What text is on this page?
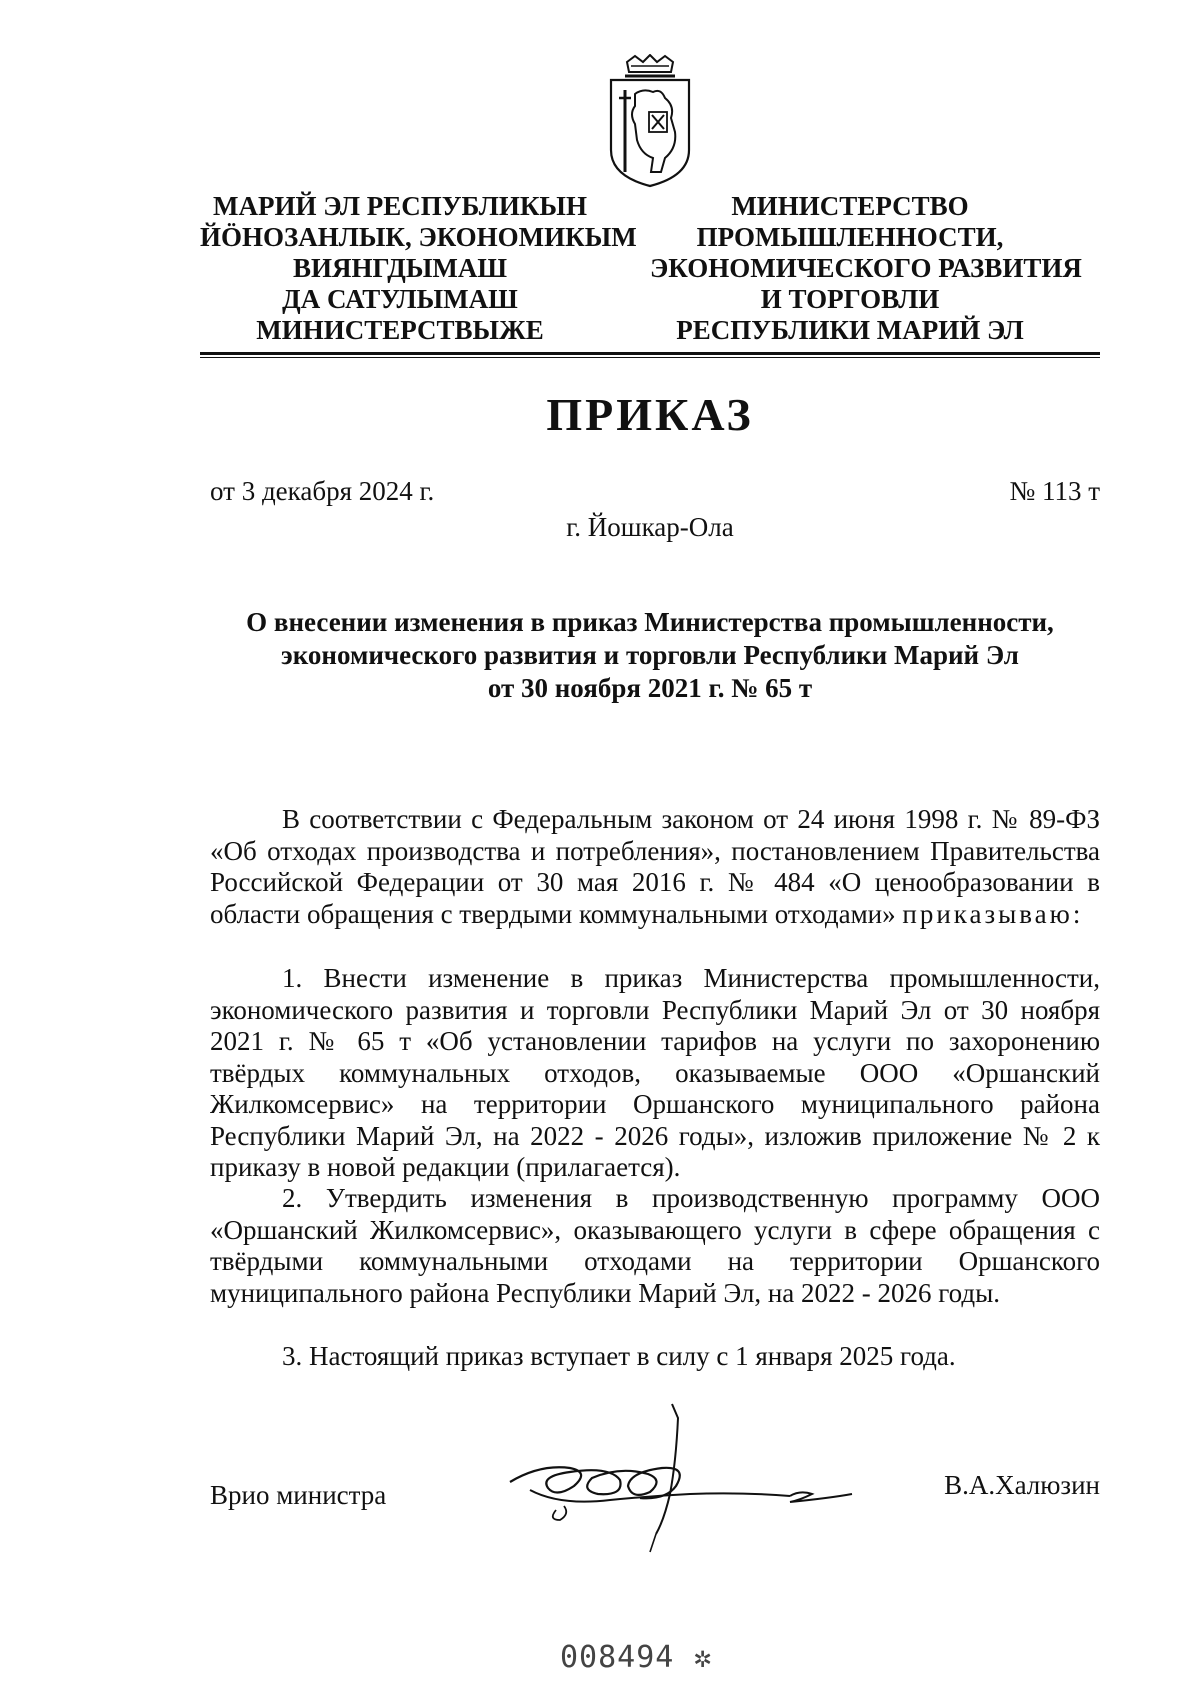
МАРИЙ ЭЛ РЕСПУБЛИКЫН
ЙӦНОЗАНЛЫК, ЭКОНОМИКЫМ
ВИЯНГДЫМАШ
ДА САТУЛЫМАШ
МИНИСТЕРСТВЫЖЕ
МИНИСТЕРСТВО
ПРОМЫШЛЕННОСТИ,
ЭКОНОМИЧЕСКОГО РАЗВИТИЯ
И ТОРГОВЛИ
РЕСПУБЛИКИ МАРИЙ ЭЛ
ПРИКАЗ
от 3 декабря 2024 г.	№ 113 т
г. Йошкар-Ола
О внесении изменения в приказ Министерства промышленности,
экономического развития и торговли Республики Марий Эл
от 30 ноября 2021 г. № 65 т
В соответствии с Федеральным законом от 24 июня 1998 г. № 89-ФЗ «Об отходах производства и потребления», постановлением Правительства Российской Федерации от 30 мая 2016 г. № 484 «О ценообразовании в области обращения с твердыми коммунальными отходами» приказываю:
1. Внести изменение в приказ Министерства промышленности, экономического развития и торговли Республики Марий Эл от 30 ноября 2021 г. № 65 т «Об установлении тарифов на услуги по захоронению твёрдых коммунальных отходов, оказываемые ООО «Оршанский Жилкомсервис» на территории Оршанского муниципального района Республики Марий Эл, на 2022 - 2026 годы», изложив приложение № 2 к приказу в новой редакции (прилагается).
2. Утвердить изменения в производственную программу ООО «Оршанский Жилкомсервис», оказывающего услуги в сфере обращения с твёрдыми коммунальными отходами на территории Оршанского муниципального района Республики Марий Эл, на 2022 - 2026 годы.
3. Настоящий приказ вступает в силу с 1 января 2025 года.
Врио министра	В.А.Халюзин
008494 ✲
